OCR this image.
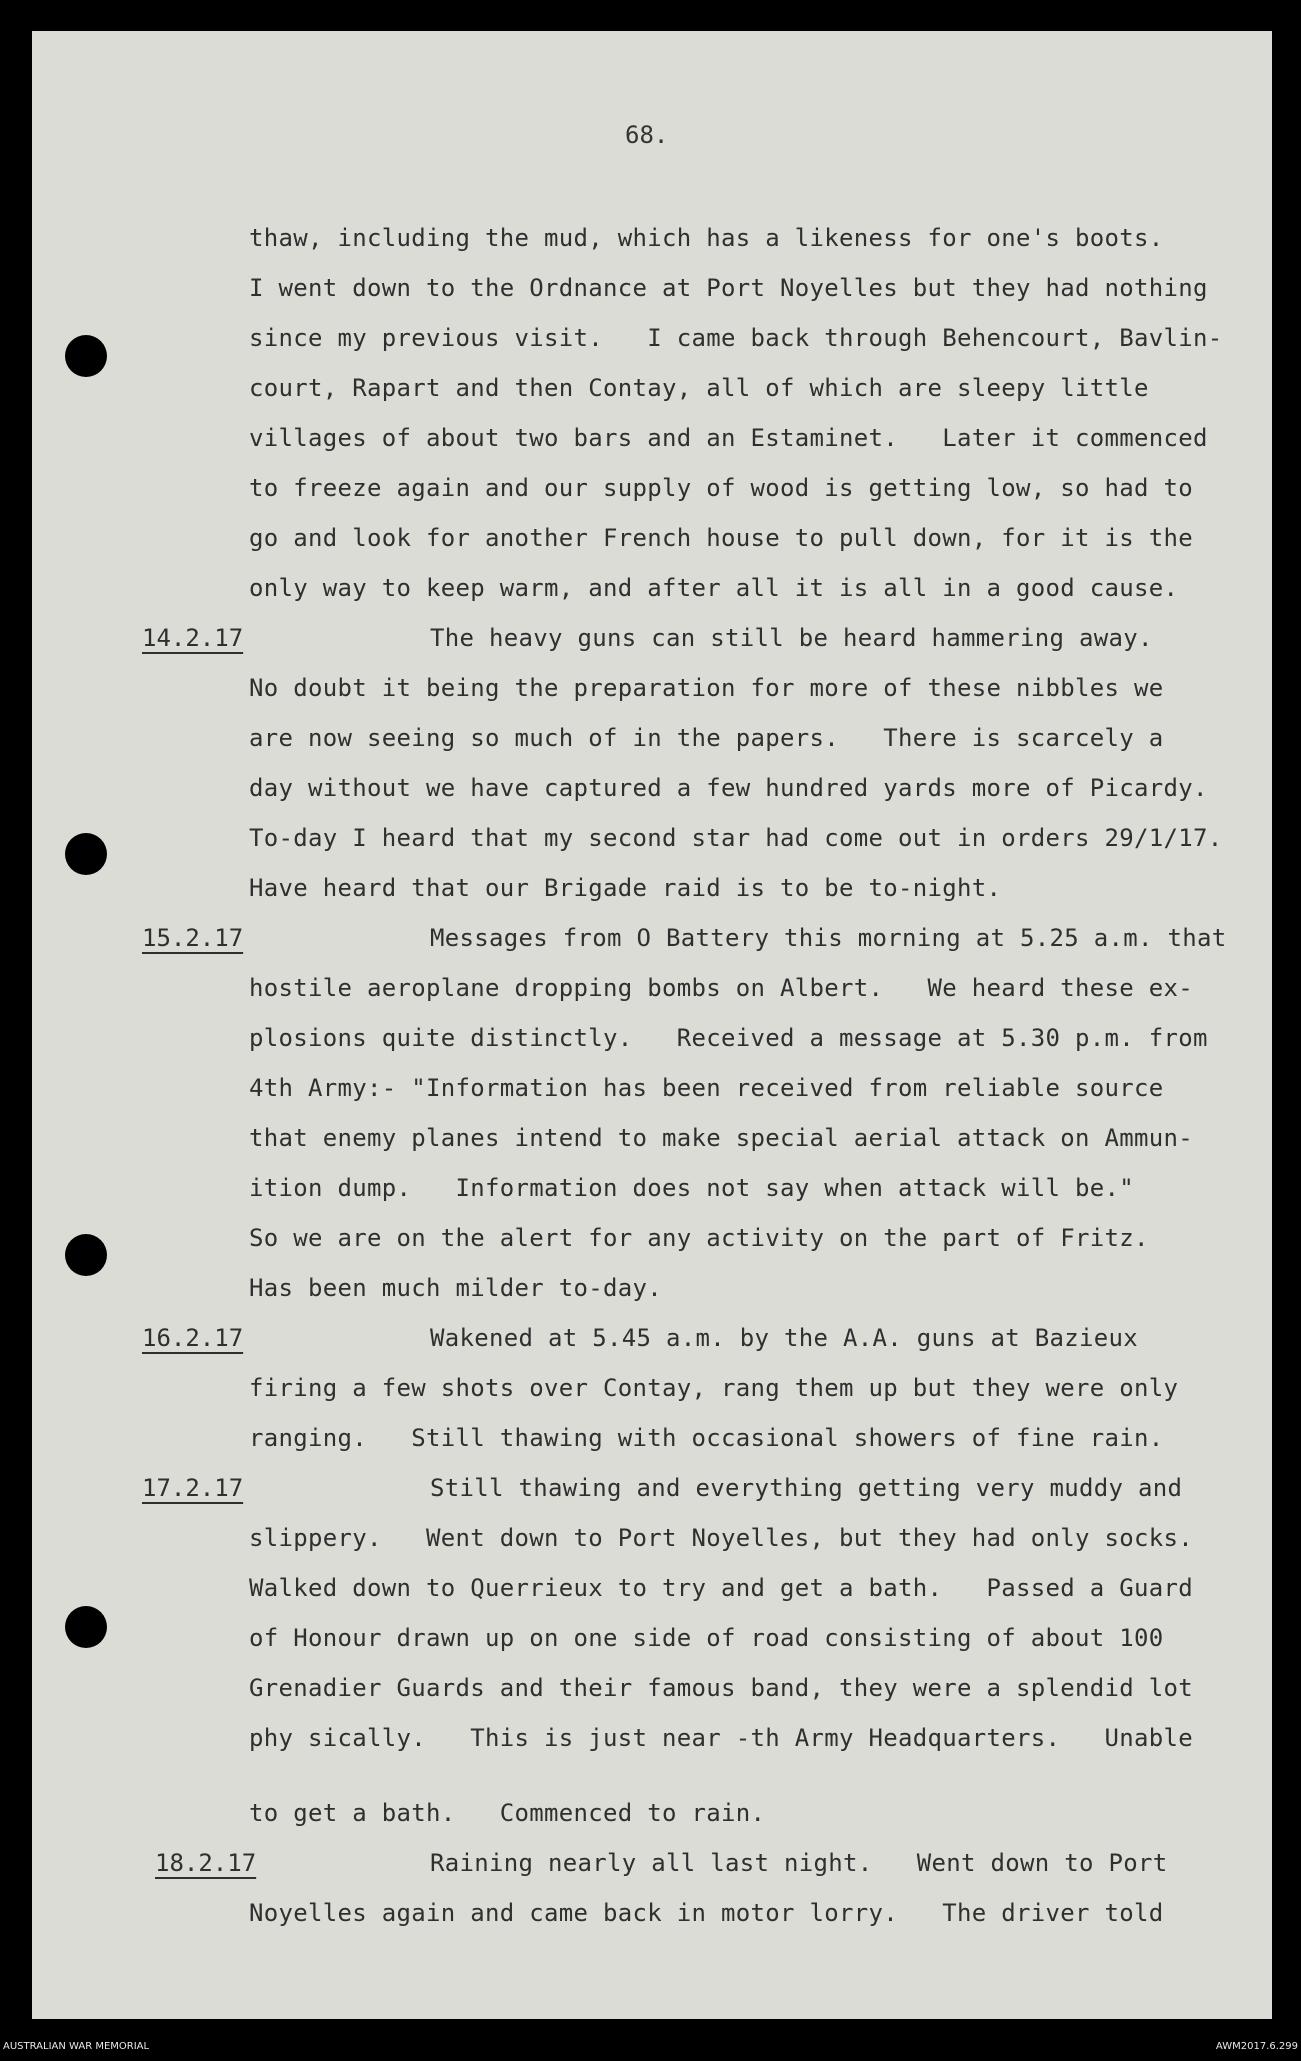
68.
thaw, including the mud, which has a likeness for one's boots.
I went down to the Ordnance at Port Noyelles but they had nothing
since my previous visit.   I came back through Behencourt, Bavlin-
court, Rapart and then Contay, all of which are sleepy little
villages of about two bars and an Estaminet.   Later it commenced
to freeze again and our supply of wood is getting low, so had to
go and look for another French house to pull down, for it is the
only way to keep warm, and after all it is all in a good cause.
14.2.17	The heavy guns can still be heard hammering away.
No doubt it being the preparation for more of these nibbles we
are now seeing so much of in the papers.   There is scarcely a
day without we have captured a few hundred yards more of Picardy.
To-day I heard that my second star had come out in orders 29/1/17.
Have heard that our Brigade raid is to be to-night.
15.2.17	Messages from O Battery this morning at 5.25 a.m. that
hostile aeroplane dropping bombs on Albert.   We heard these ex-
plosions quite distinctly.   Received a message at 5.30 p.m. from
4th Army:- "Information has been received from reliable source
that enemy planes intend to make special aerial attack on Ammun-
ition dump.   Information does not say when attack will be."
So we are on the alert for any activity on the part of Fritz.
Has been much milder to-day.
16.2.17	Wakened at 5.45 a.m. by the A.A. guns at Bazieux
firing a few shots over Contay, rang them up but they were only
ranging.   Still thawing with occasional showers of fine rain.
17.2.17	Still thawing and everything getting very muddy and
slippery.   Went down to Port Noyelles, but they had only socks.
Walked down to Querrieux to try and get a bath.   Passed a Guard
of Honour drawn up on one side of road consisting of about 100
Grenadier Guards and their famous band, they were a splendid lot
phy sically.   This is just near -th Army Headquarters.   Unable
to get a bath.   Commenced to rain.
18.2.17	Raining nearly all last night.   Went down to Port
Noyelles again and came back in motor lorry.   The driver told
AUSTRALIAN WAR MEMORIAL	AWM2017.6.299
